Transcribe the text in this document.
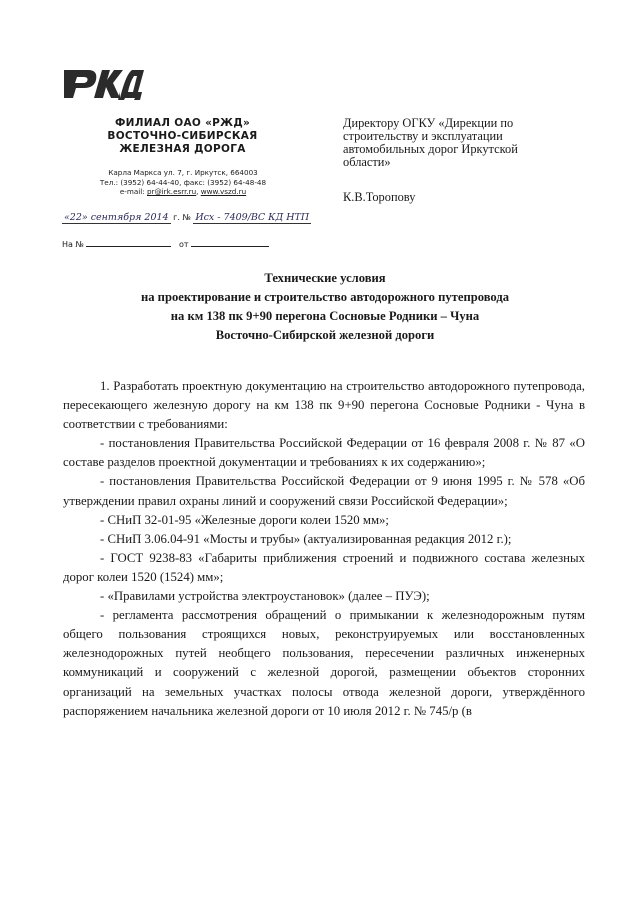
ФИЛИАЛ ОАО «РЖД»
ВОСТОЧНО-СИБИРСКАЯ
ЖЕЛЕЗНАЯ ДОРОГА
Карла Маркса ул. 7, г. Иркутск, 664003
Тел.: (3952) 64-44-40, факс: (3952) 64-48-48
e-mail: pr@irk.esrr.ru, www.vszd.ru
«22» сентября 2014 г. № Исх - 7409/ВС КД НТП
На №	от
Директору ОГКУ «Дирекции по
строительству и эксплуатации
автомобильных дорог Иркутской
области»
К.В.Торопову
Технические условия
на проектирование и строительство автодорожного путепровода
на км 138 пк 9+90 перегона Сосновые Родники – Чуна
Восточно-Сибирской железной дороги

1. Разработать проектную документацию на строительство автодорожного путепровода, пересекающего железную дорогу на км 138 пк 9+90 перегона Сосновые Родники - Чуна в соответствии с требованиями:

- постановления Правительства Российской Федерации от 16 февраля 2008 г. № 87 «О составе разделов проектной документации и требованиях к их содержанию»;

- постановления Правительства Российской Федерации от 9 июня 1995 г. № 578 «Об утверждении правил охраны линий и сооружений связи Российской Федерации»;

- СНиП 32-01-95 «Железные дороги колеи 1520 мм»;

- СНиП 3.06.04-91 «Мосты и трубы» (актуализированная редакция 2012 г.);

- ГОСТ 9238-83 «Габариты приближения строений и подвижного состава железных дорог колеи 1520 (1524) мм»;

- «Правилами устройства электроустановок» (далее – ПУЭ);

- регламента рассмотрения обращений о примыкании к железнодорожным путям общего пользования строящихся новых, реконструируемых или восстановленных железнодорожных путей необщего пользования, пересечении различных инженерных коммуникаций и сооружений с железной дорогой, размещении объектов сторонних организаций на земельных участках полосы отвода железной дороги, утверждённого распоряжением начальника железной дороги от 10 июля 2012 г. № 745/р (в
